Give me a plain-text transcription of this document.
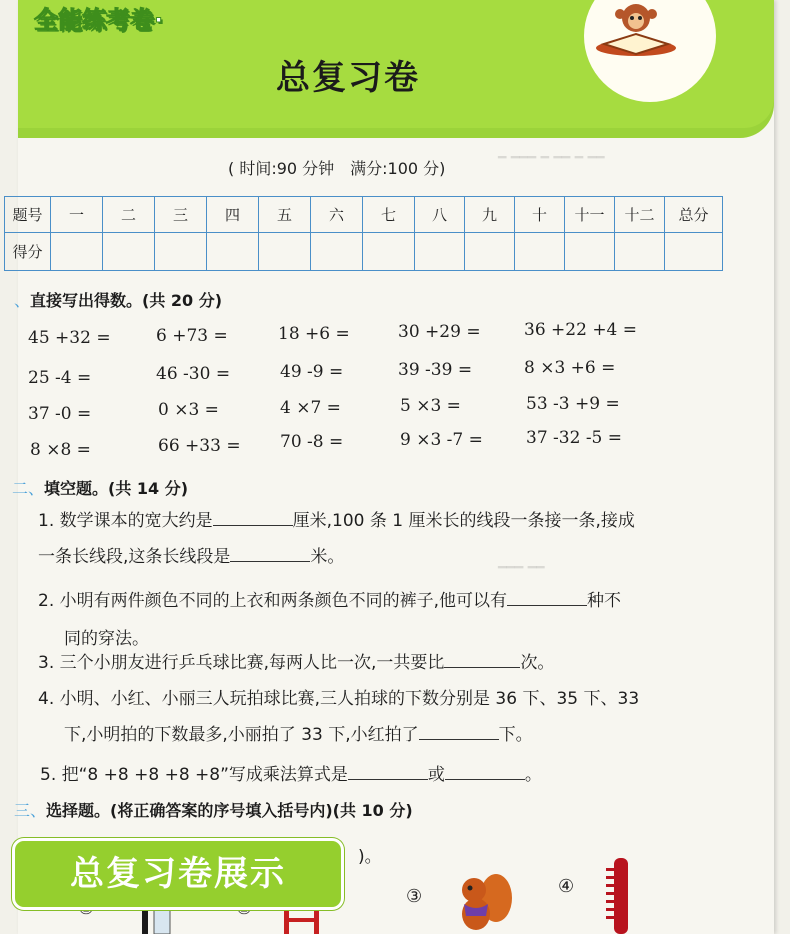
全能练考卷·
总复习卷
━ ━━━ ━ ━━ ━ ━━
━━━ ━━
( 时间:90 分钟　满分:100 分)
题号	一	二	三	四	五	六	七	八	九	十	十一	十二	总分
得分													
、直接写出得数。(共 20 分)
45 +32 =	6 +73 =	18 +6 =	30 +29 =	36 +22 +4 =
25 -4 =	46 -30 =	49 -9 =	39 -39 =	8 ×3 +6 =
37 -0 =	0 ×3 =	4 ×7 =	5 ×3 =	53 -3 +9 =
8 ×8 =	66 +33 = 70 -8 =	9 ×3 -7 =	37 -32 -5 =
二、填空题。(共 14 分)
1. 数学课本的宽大约是	厘米,100 条 1 厘米长的线段一条接一条,接成
一条长线段,这条长线段是	米。
2. 小明有两件颜色不同的上衣和两条颜色不同的裤子,他可以有	种不
同的穿法。
3. 三个小朋友进行乒乓球比赛,每两人比一次,一共要比	次。
4. 小明、小红、小丽三人玩拍球比赛,三人拍球的下数分别是 36 下、35 下、33
下,小明拍的下数最多,小丽拍了 33 下,小红拍了	下。
5. 把“8 +8 +8 +8 +8”写成乘法算式是	或	。
三、选择题。(将正确答案的序号填入括号内)(共 10 分)
)。
③	④
总复习卷展示
